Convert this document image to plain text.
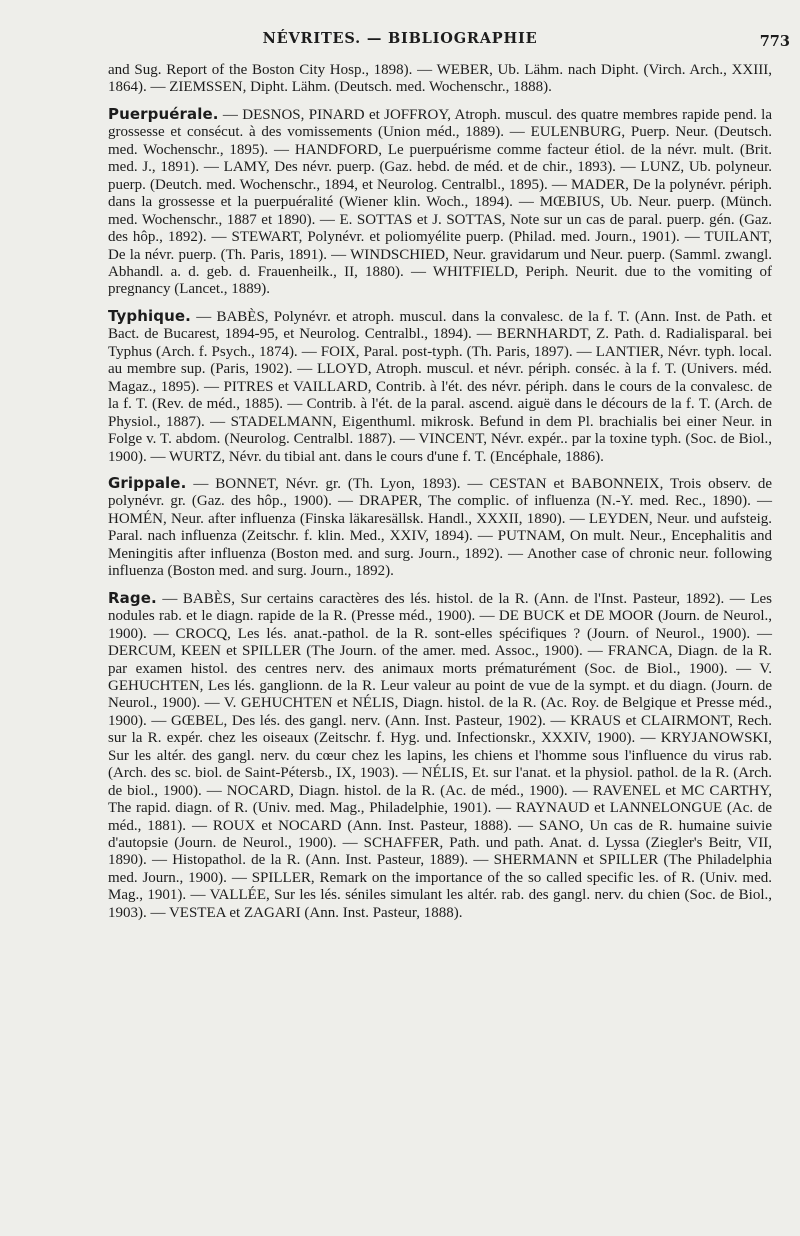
NÉVRITES. — BIBLIOGRAPHIE	773

and Sug. Report of the Boston City Hosp., 1898). — WEBER, Ub. Lähm. nach Dipht. (Virch. Arch., XXIII, 1864). — ZIEMSSEN, Dipht. Lähm. (Deutsch. med. Wochenschr., 1888).

Puerpuérale. — DESNOS, PINARD et JOFFROY, Atroph. muscul. des quatre membres rapide pend. la grossesse et consécut. à des vomissements (Union méd., 1889). — EULENBURG, Puerp. Neur. (Deutsch. med. Wochenschr., 1895). — HANDFORD, Le puerpuérisme comme facteur étiol. de la névr. mult. (Brit. med. J., 1891). — LAMY, Des névr. puerp. (Gaz. hebd. de méd. et de chir., 1893). — LUNZ, Ub. polyneur. puerp. (Deutch. med. Wochenschr., 1894, et Neurolog. Centralbl., 1895). — MADER, De la polynévr. périph. dans la grossesse et la puerpuéralité (Wiener klin. Woch., 1894). — MŒBIUS, Ub. Neur. puerp. (Münch. med. Wochenschr., 1887 et 1890). — E. SOTTAS et J. SOTTAS, Note sur un cas de paral. puerp. gén. (Gaz. des hôp., 1892). — STEWART, Polynévr. et poliomyélite puerp. (Philad. med. Journ., 1901). — TUILANT, De la névr. puerp. (Th. Paris, 1891). — WINDSCHIED, Neur. gravidarum und Neur. puerp. (Samml. zwangl. Abhandl. a. d. geb. d. Frauenheilk., II, 1880). — WHITFIELD, Periph. Neurit. due to the vomiting of pregnancy (Lancet., 1889).

Typhique. — BABÈS, Polynévr. et atroph. muscul. dans la convalesc. de la f. T. (Ann. Inst. de Path. et Bact. de Bucarest, 1894-95, et Neurolog. Centralbl., 1894). — BERNHARDT, Z. Path. d. Radialisparal. bei Typhus (Arch. f. Psych., 1874). — FOIX, Paral. post-typh. (Th. Paris, 1897). — LANTIER, Névr. typh. local. au membre sup. (Paris, 1902). — LLOYD, Atroph. muscul. et névr. périph. conséc. à la f. T. (Univers. méd. Magaz., 1895). — PITRES et VAILLARD, Contrib. à l'ét. des névr. périph. dans le cours de la convalesc. de la f. T. (Rev. de méd., 1885). — Contrib. à l'ét. de la paral. ascend. aiguë dans le décours de la f. T. (Arch. de Physiol., 1887). — STADELMANN, Eigenthuml. mikrosk. Befund in dem Pl. brachialis bei einer Neur. in Folge v. T. abdom. (Neurolog. Centralbl. 1887). — VINCENT, Névr. expér.. par la toxine typh. (Soc. de Biol., 1900). — WURTZ, Névr. du tibial ant. dans le cours d'une f. T. (Encéphale, 1886).

Grippale. — BONNET, Névr. gr. (Th. Lyon, 1893). — CESTAN et BABONNEIX, Trois observ. de polynévr. gr. (Gaz. des hôp., 1900). — DRAPER, The complic. of influenza (N.-Y. med. Rec., 1890). — HOMÉN, Neur. after influenza (Finska läkaresällsk. Handl., XXXII, 1890). — LEYDEN, Neur. und aufsteig. Paral. nach influenza (Zeitschr. f. klin. Med., XXIV, 1894). — PUTNAM, On mult. Neur., Encephalitis and Meningitis after influenza (Boston med. and surg. Journ., 1892). — Another case of chronic neur. following influenza (Boston med. and surg. Journ., 1892).

Rage. — BABÈS, Sur certains caractères des lés. histol. de la R. (Ann. de l'Inst. Pasteur, 1892). — Les nodules rab. et le diagn. rapide de la R. (Presse méd., 1900). — DE BUCK et DE MOOR (Journ. de Neurol., 1900). — CROCQ, Les lés. anat.-pathol. de la R. sont-elles spécifiques ? (Journ. of Neurol., 1900). — DERCUM, KEEN et SPILLER (The Journ. of the amer. med. Assoc., 1900). — FRANCA, Diagn. de la R. par examen histol. des centres nerv. des animaux morts prématurément (Soc. de Biol., 1900). — V. GEHUCHTEN, Les lés. ganglionn. de la R. Leur valeur au point de vue de la sympt. et du diagn. (Journ. de Neurol., 1900). — V. GEHUCHTEN et NÉLIS, Diagn. histol. de la R. (Ac. Roy. de Belgique et Presse méd., 1900). — GŒBEL, Des lés. des gangl. nerv. (Ann. Inst. Pasteur, 1902). — KRAUS et CLAIRMONT, Rech. sur la R. expér. chez les oiseaux (Zeitschr. f. Hyg. und. Infectionskr., XXXIV, 1900). — KRYJANOWSKI, Sur les altér. des gangl. nerv. du cœur chez les lapins, les chiens et l'homme sous l'influence du virus rab. (Arch. des sc. biol. de Saint-Pétersb., IX, 1903). — NÉLIS, Et. sur l'anat. et la physiol. pathol. de la R. (Arch. de biol., 1900). — NOCARD, Diagn. histol. de la R. (Ac. de méd., 1900). — RAVENEL et MC CARTHY, The rapid. diagn. of R. (Univ. med. Mag., Philadelphie, 1901). — RAYNAUD et LANNELONGUE (Ac. de méd., 1881). — ROUX et NOCARD (Ann. Inst. Pasteur, 1888). — SANO, Un cas de R. humaine suivie d'autopsie (Journ. de Neurol., 1900). — SCHAFFER, Path. und path. Anat. d. Lyssa (Ziegler's Beitr, VII, 1890). — Histopathol. de la R. (Ann. Inst. Pasteur, 1889). — SHERMANN et SPILLER (The Philadelphia med. Journ., 1900). — SPILLER, Remark on the importance of the so called specific les. of R. (Univ. med. Mag., 1901). — VALLÉE, Sur les lés. séniles simulant les altér. rab. des gangl. nerv. du chien (Soc. de Biol., 1903). — VESTEA et ZAGARI (Ann. Inst. Pasteur, 1888).
